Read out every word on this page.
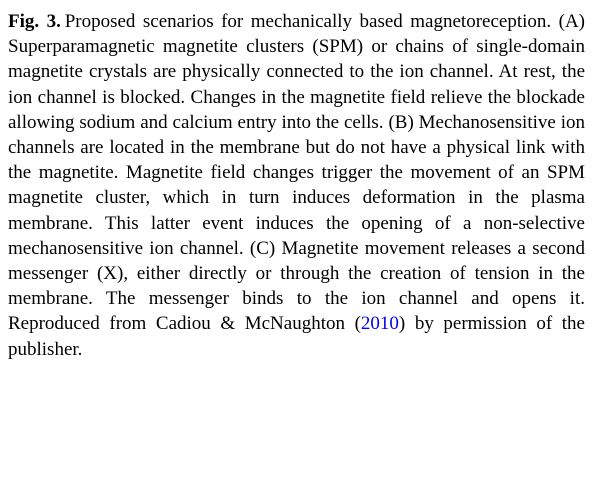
Fig. 3. Proposed scenarios for mechanically based magnetoreception. (A) Superparamagnetic magnetite clusters (SPM) or chains of single-domain magnetite crystals are physically connected to the ion channel. At rest, the ion channel is blocked. Changes in the magnetite field relieve the blockade allowing sodium and calcium entry into the cells. (B) Mechanosensitive ion channels are located in the membrane but do not have a physical link with the magnetite. Magnetite field changes trigger the movement of an SPM magnetite cluster, which in turn induces deformation in the plasma membrane. This latter event induces the opening of a non-selective mechanosensitive ion channel. (C) Magnetite movement releases a second messenger (X), either directly or through the creation of tension in the membrane. The messenger binds to the ion channel and opens it. Reproduced from Cadiou & McNaughton (2010) by permission of the publisher.
